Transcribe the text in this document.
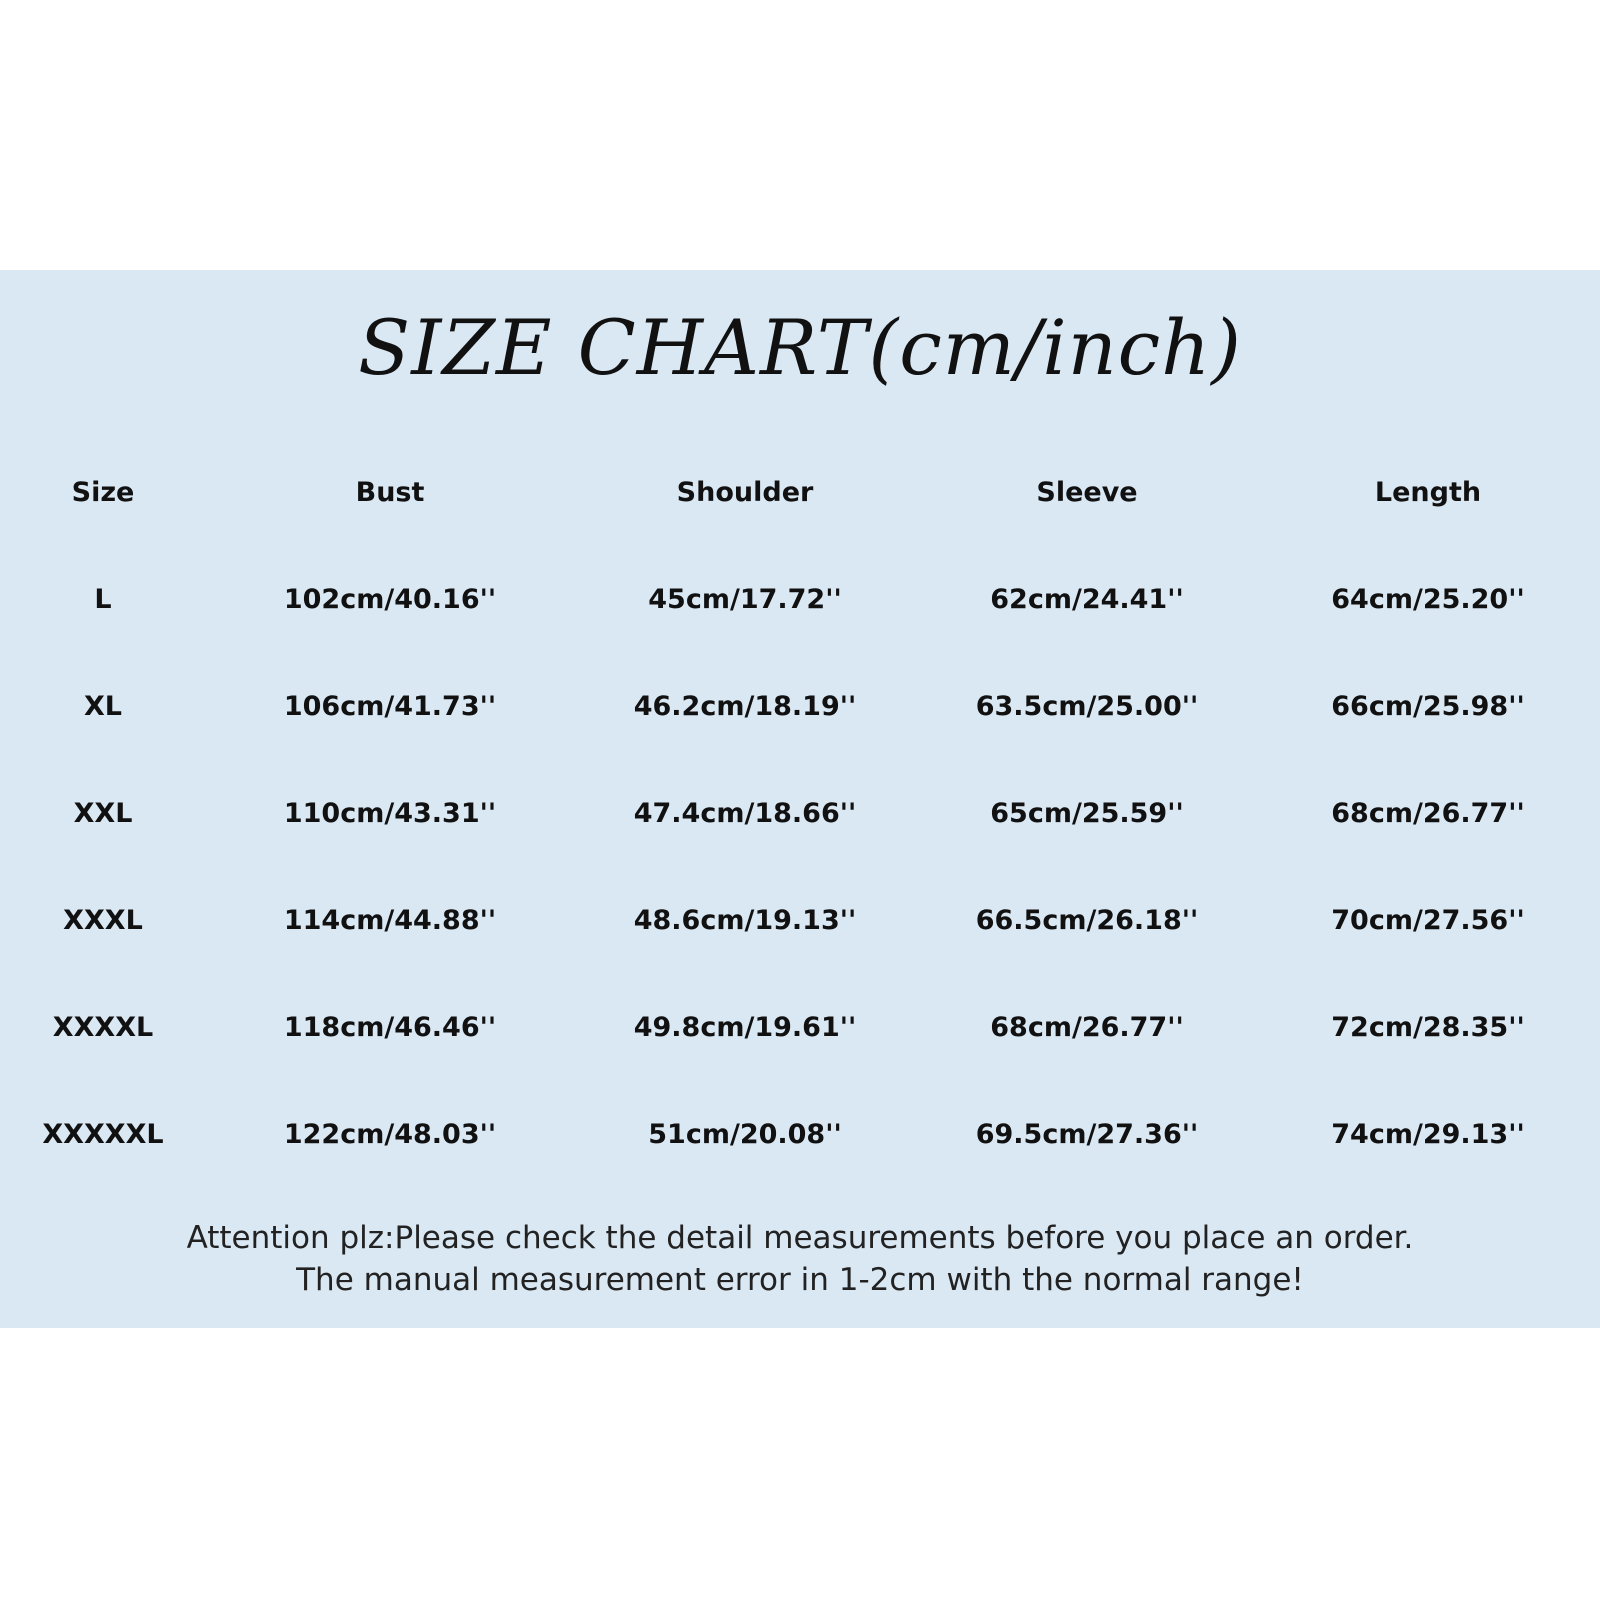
SIZE CHART(cm/inch)
Size	Bust	Shoulder	Sleeve	Length
L	102cm/40.16''	45cm/17.72''	62cm/24.41''	64cm/25.20''
XL	106cm/41.73''	46.2cm/18.19''	63.5cm/25.00''	66cm/25.98''
XXL	110cm/43.31''	47.4cm/18.66''	65cm/25.59''	68cm/26.77''
XXXL	114cm/44.88''	48.6cm/19.13''	66.5cm/26.18''	70cm/27.56''
XXXXL	118cm/46.46''	49.8cm/19.61''	68cm/26.77''	72cm/28.35''
XXXXXL	122cm/48.03''	51cm/20.08''	69.5cm/27.36''	74cm/29.13''
Attention plz:Please check the detail measurements before you place an order.
The manual measurement error in 1-2cm with the normal range!
